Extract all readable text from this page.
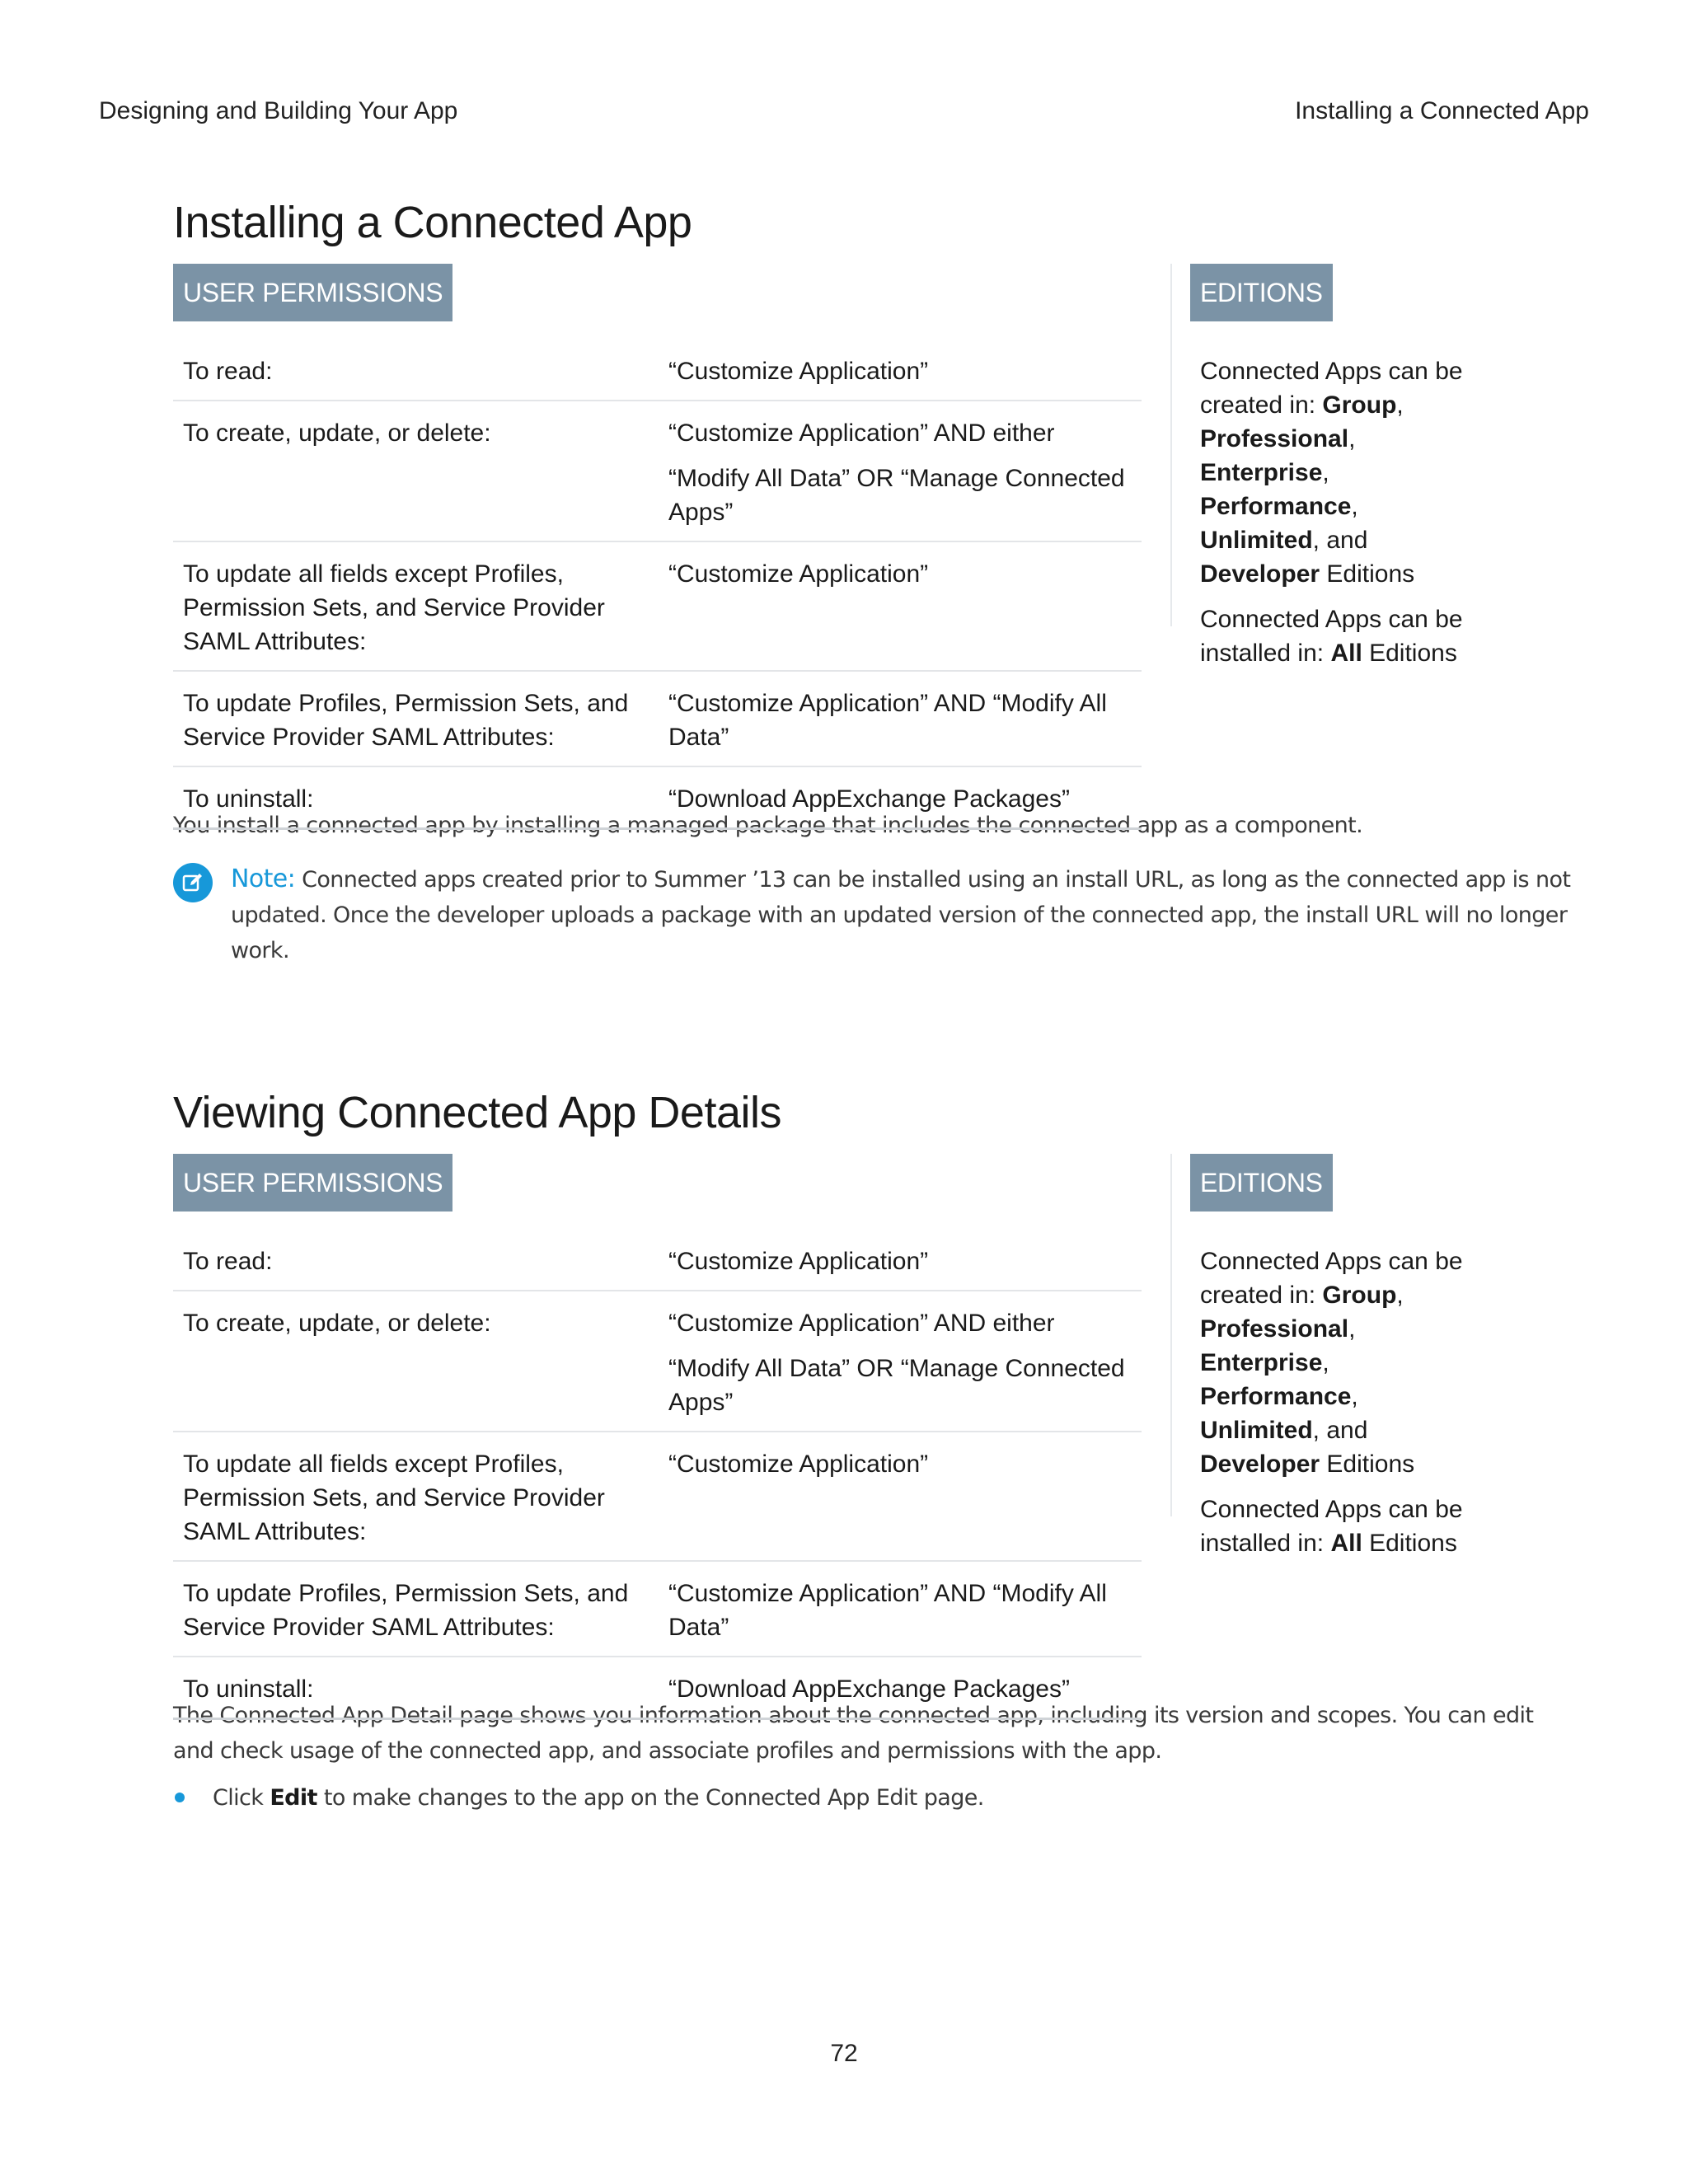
Designing and Building Your App	Installing a Connected App
Installing a Connected App
USER PERMISSIONS
To read:	“Customize Application”
To create, update, or delete:	“Customize Application” AND either
“Modify All Data” OR “Manage Connected Apps”

To update all fields except Profiles, Permission Sets, and Service Provider SAML Attributes:	“Customize Application”
To update Profiles, Permission Sets, and Service Provider SAML Attributes:	“Customize Application” AND “Modify All Data”
To uninstall:	“Download AppExchange Packages”
EDITIONS

Connected Apps can be created in: Group, Professional, Enterprise, Performance, Unlimited, and Developer Editions

Connected Apps can be installed in: All Editions

You install a connected app by installing a managed package that includes the connected app as a component.
Note: Connected apps created prior to Summer ’13 can be installed using an install URL, as long as the connected app is not updated. Once the developer uploads a package with an updated version of the connected app, the install URL will no longer work.
Viewing Connected App Details
USER PERMISSIONS
To read:	“Customize Application”
To create, update, or delete:	“Customize Application” AND either
“Modify All Data” OR “Manage Connected Apps”

To update all fields except Profiles, Permission Sets, and Service Provider SAML Attributes:	“Customize Application”
To update Profiles, Permission Sets, and Service Provider SAML Attributes:	“Customize Application” AND “Modify All Data”
To uninstall:	“Download AppExchange Packages”
EDITIONS

Connected Apps can be created in: Group, Professional, Enterprise, Performance, Unlimited, and Developer Editions

Connected Apps can be installed in: All Editions

The Connected App Detail page shows you information about the connected app, including its version and scopes. You can edit and check usage of the connected app, and associate profiles and permissions with the app.
Click Edit to make changes to the app on the Connected App Edit page.
72
